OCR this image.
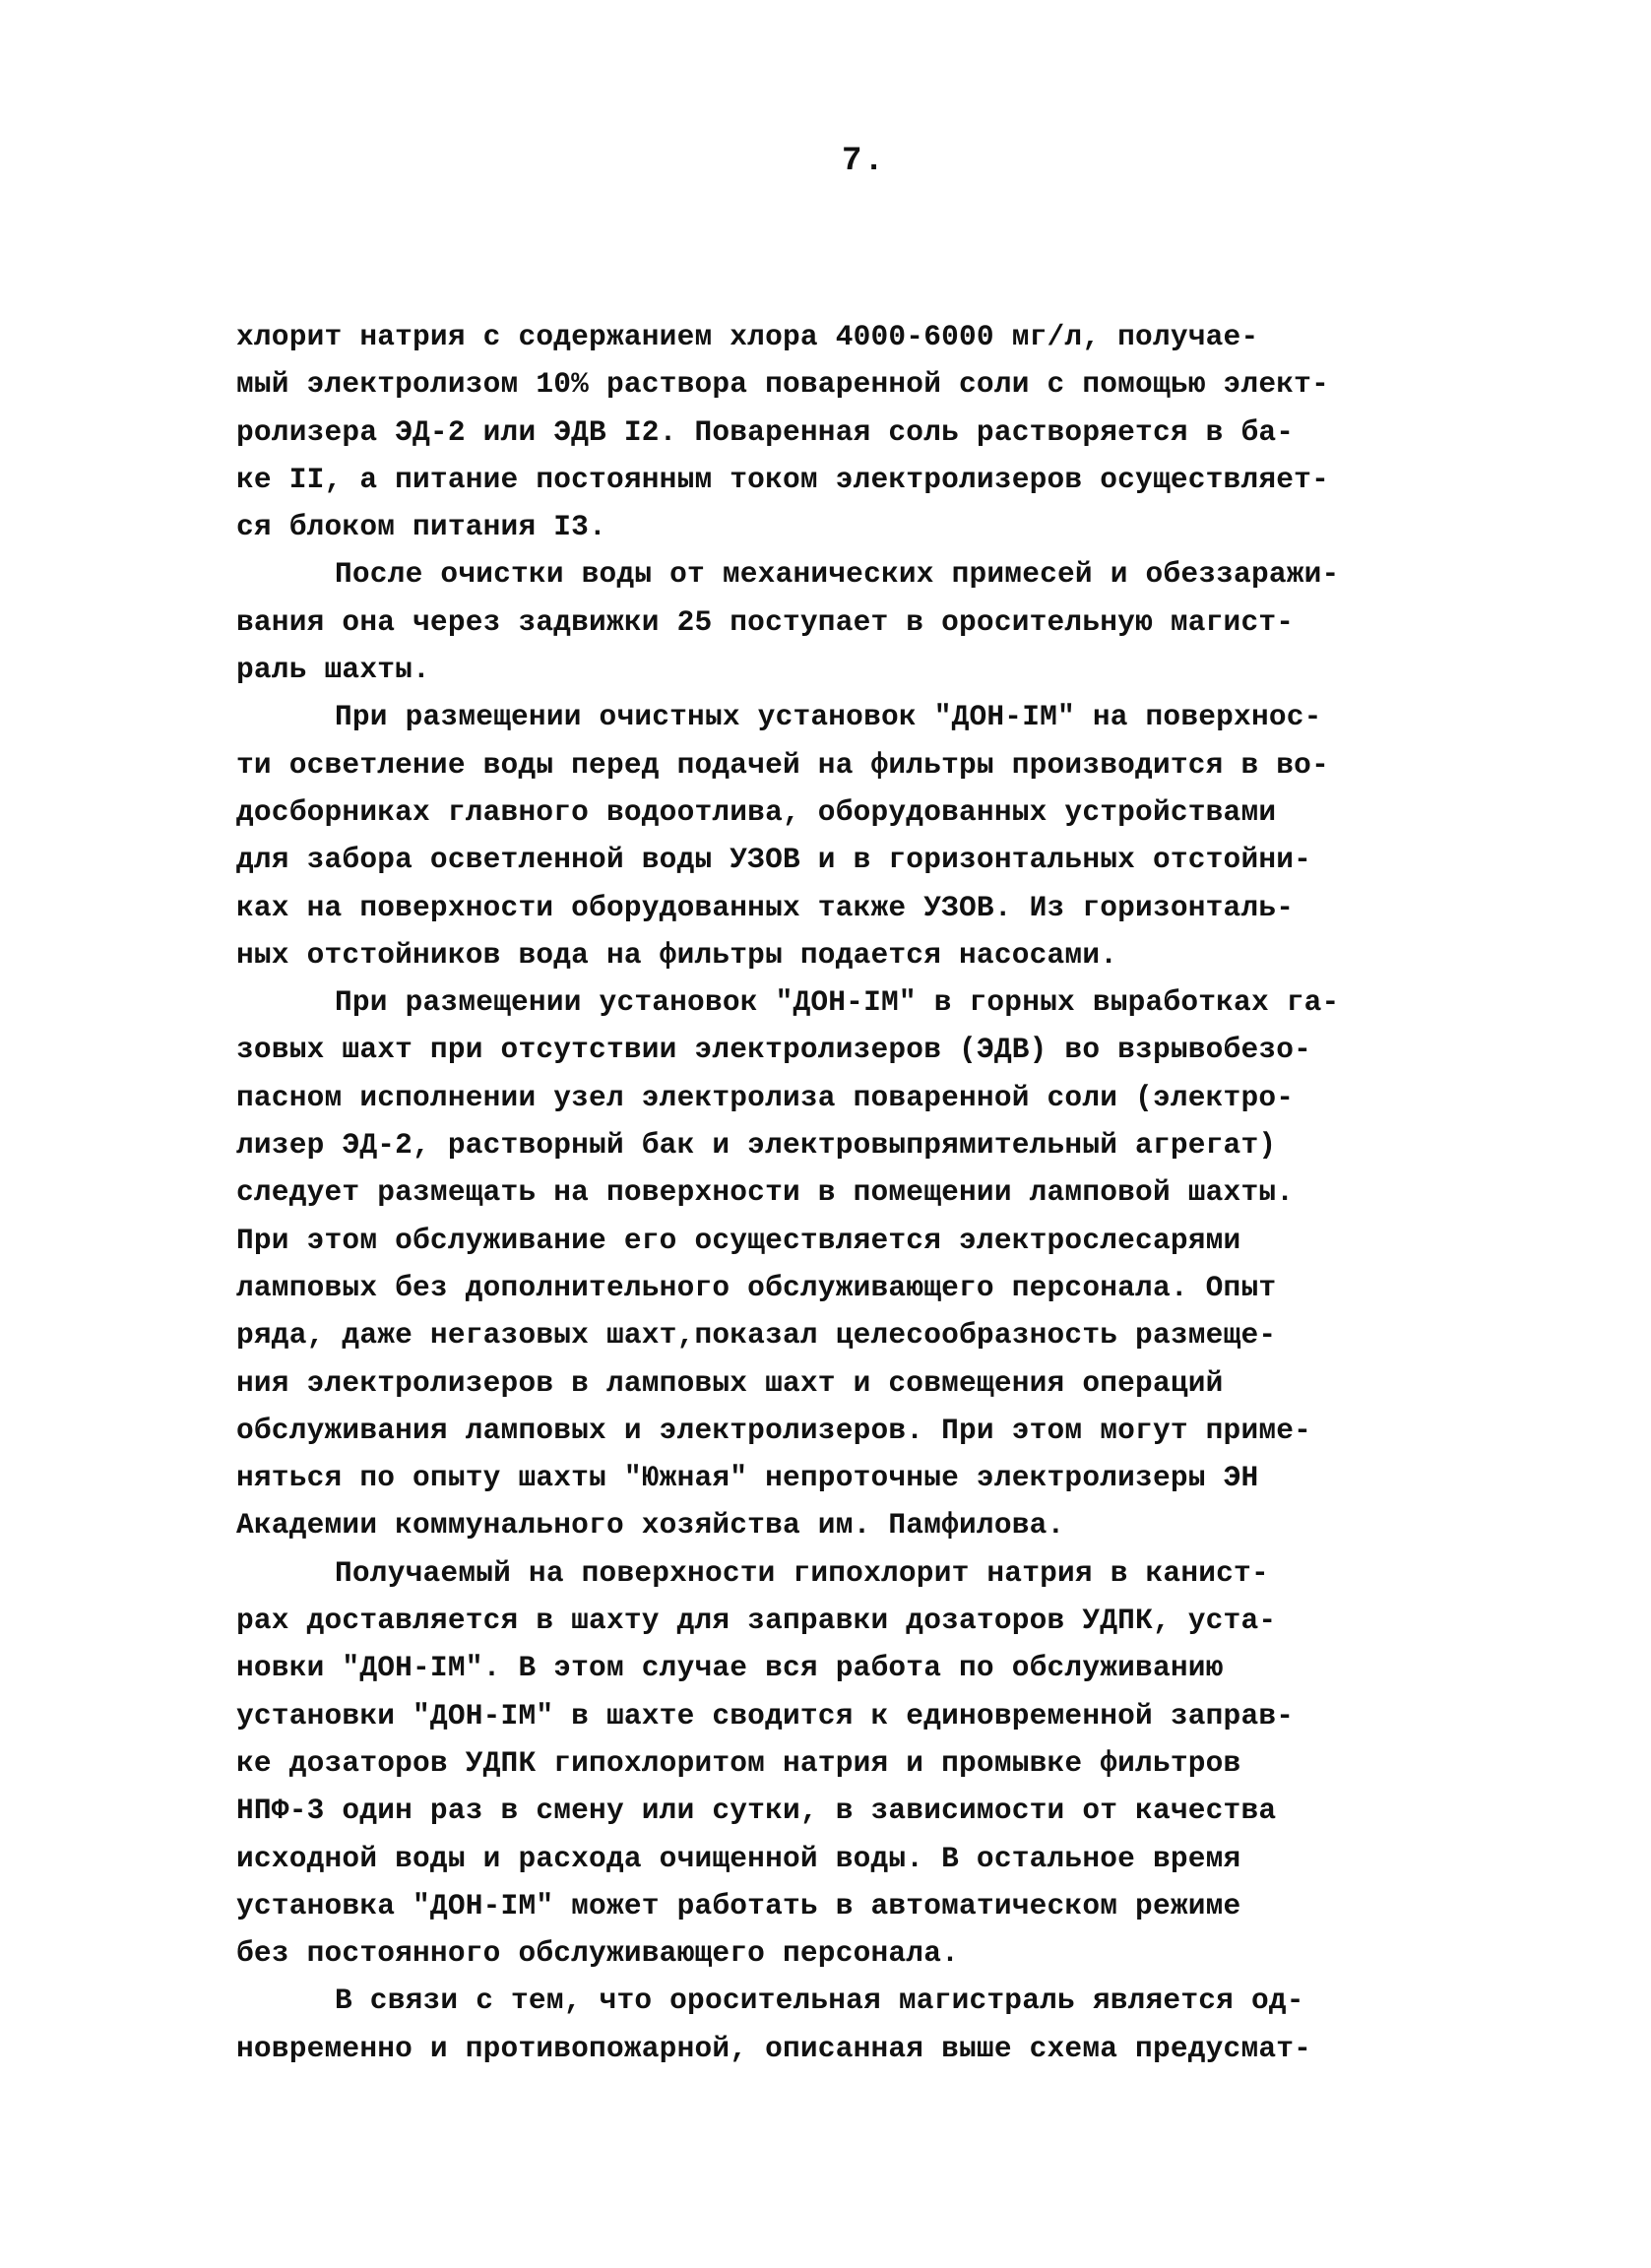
7.
хлорит натрия с содержанием хлора 4000-6000 мг/л, получае-
мый электролизом 10% раствора поваренной соли с помощью элект-
ролизера ЭД-2 или ЭДВ I2. Поваренная соль растворяется в ба-
ке II, а питание постоянным током электролизеров осуществляет-
ся блоком питания I3.
После очистки воды от механических примесей и обеззарaжи-
вания она через задвижки 25 поступает в оросительную магист-
раль шахты.
При размещении очистных установок "ДОН-IМ" на поверхнос-
ти осветление воды перед подачей на фильтры производится в во-
досборниках главного водоотлива, оборудованных устройствами
для забора осветленной воды УЗОВ и в горизонтальных отстойни-
ках на поверхности оборудованных также УЗОВ. Из горизонталь-
ных отстойников вода на фильтры подается насосами.
При размещении установок "ДОН-IМ" в горных выработках га-
зовых шахт при отсутствии электролизеров (ЭДВ) во взрывобезо-
пасном исполнении узел электролиза поваренной соли (электро-
лизер ЭД-2, растворный бак и электровыпрямительный агрегат)
следует размещать на поверхности в помещении ламповой шахты.
При этом обслуживание его осуществляется электрослесарями
ламповых без дополнительного обслуживающего персонала. Опыт
ряда, даже негазовых шахт,показал целесообразность размеще-
ния электролизеров в ламповых шахт и совмещения операций
обслуживания ламповых и электролизеров. При этом могут приме-
няться по опыту шахты "Южная" непроточные электролизеры ЭН
Академии коммунального хозяйства им. Памфилова.
Получаемый на поверхности гипохлорит натрия в канист-
рах доставляется в шахту для заправки дозаторов УДПК, уста-
новки "ДОН-IМ". В этом случае вся работа по обслуживанию
установки "ДОН-IМ" в шахте сводится к единовременной заправ-
ке дозаторов УДПК гипохлоритом натрия и промывке фильтров
НПФ-3 один раз в смену или сутки, в зависимости от качества
исходной воды и расхода очищенной воды. В остальное время
установка "ДОН-IМ" может работать в автоматическом режиме
без постоянного обслуживающего персонала.
В связи с тем, что оросительная магистраль является од-
новременно и противопожарной, описанная выше схема предусмат-
